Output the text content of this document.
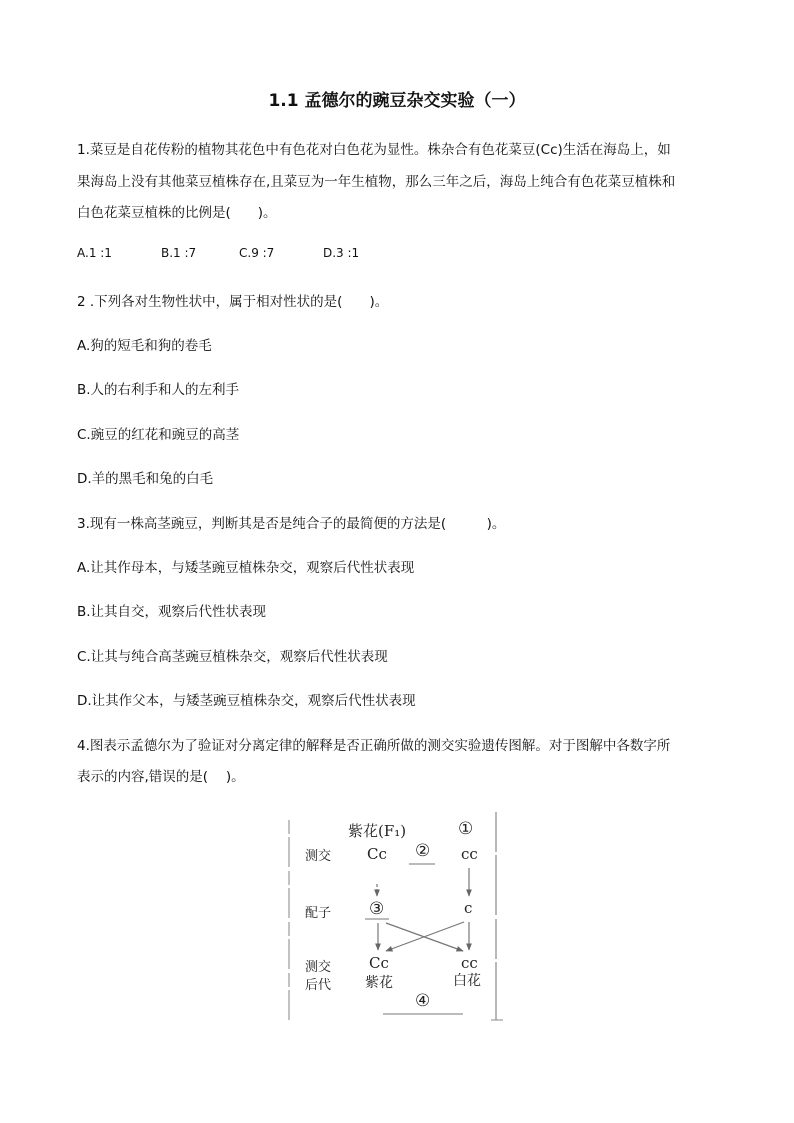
1.1 孟德尔的豌豆杂交实验（一）
1.菜豆是自花传粉的植物其花色中有色花对白色花为显性。株杂合有色花菜豆(Cc)生活在海岛上，如
果海岛上没有其他菜豆植株存在,且菜豆为一年生植物，那么三年之后，海岛上纯合有色花菜豆植株和
白色花菜豆植株的比例是(　　)。
A.1 :1	B.1 :7	C.9 :7	D.3 :1
2 .下列各对生物性状中，属于相对性状的是(　　)。
A.狗的短毛和狗的卷毛
B.人的右利手和人的左利手
C.豌豆的红花和豌豆的高茎
D.羊的黑毛和兔的白毛
3.现有一株高茎豌豆，判断其是否是纯合子的最简便的方法是(　　　)。
A.让其作母本，与矮茎豌豆植株杂交，观察后代性状表现
B.让其自交，观察后代性状表现
C.让其与纯合高茎豌豆植株杂交，观察后代性状表现
D.让其作父本，与矮茎豌豆植株杂交，观察后代性状表现
4.图表示孟德尔为了验证对分离定律的解释是否正确所做的测交实验遗传图解。对于图解中各数字所
表示的内容,错误的是(　 )。
紫花(F₁)	①
测交 Cc ② cc
配子 ③	c
测交
后代
Cc	cc
紫花	白花
④
